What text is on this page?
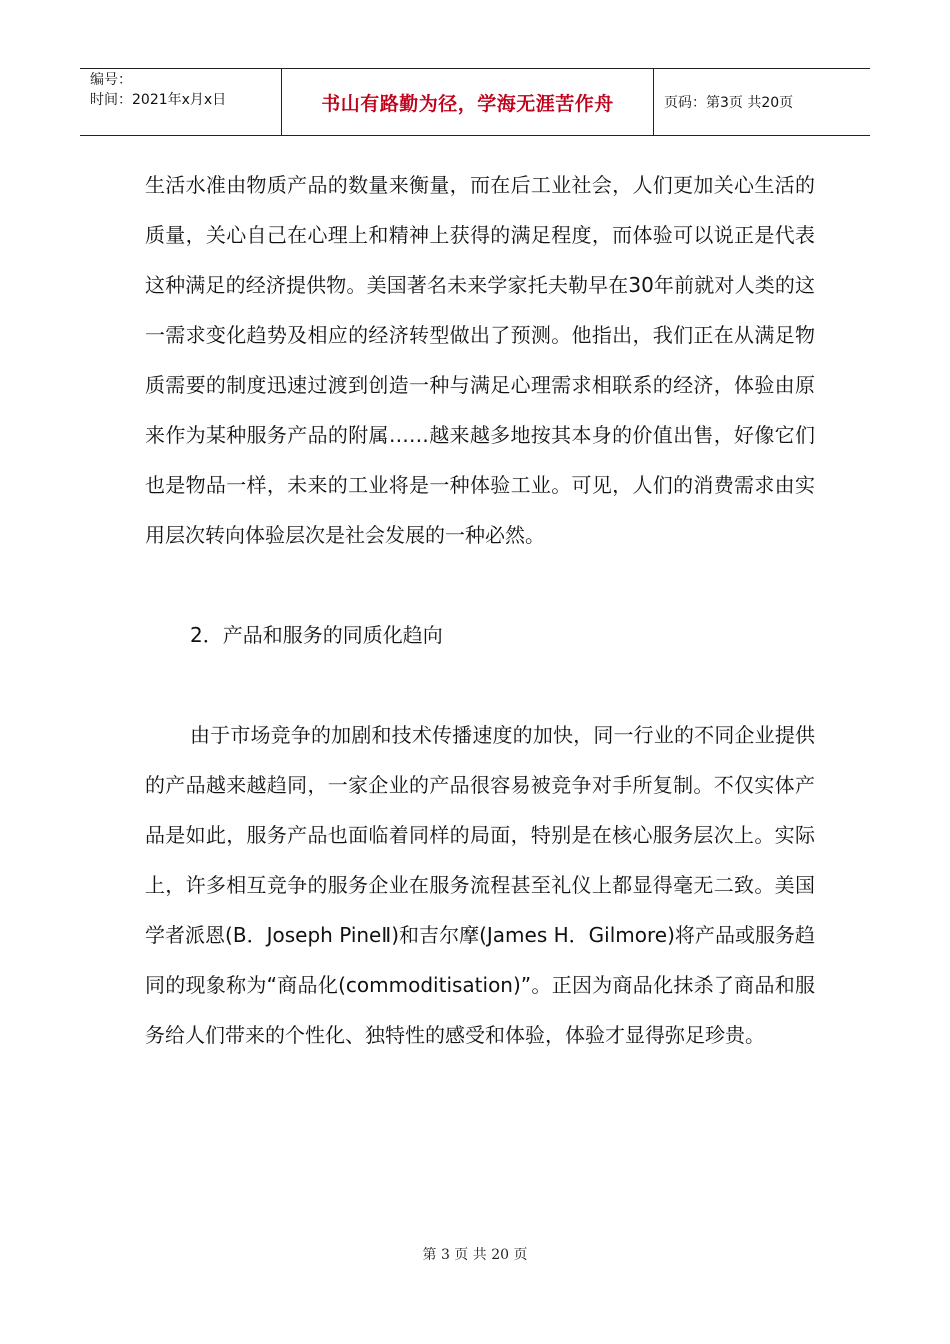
编号：
时间：2021年x月x日	书山有路勤为径，学海无涯苦作舟	页码：第3页 共20页

生活水准由物质产品的数量来衡量，而在后工业社会，人们更加关心生活的质量，关心自己在心理上和精神上获得的满足程度，而体验可以说正是代表这种满足的经济提供物。美国著名未来学家托夫勒早在30年前就对人类的这一需求变化趋势及相应的经济转型做出了预测。他指出，我们正在从满足物质需要的制度迅速过渡到创造一种与满足心理需求相联系的经济，体验由原来作为某种服务产品的附属……越来越多地按其本身的价值出售，好像它们也是物品一样，未来的工业将是一种体验工业。可见，人们的消费需求由实用层次转向体验层次是社会发展的一种必然。

2．产品和服务的同质化趋向

由于市场竞争的加剧和技术传播速度的加快，同一行业的不同企业提供的产品越来越趋同，一家企业的产品很容易被竞争对手所复制。不仅实体产品是如此，服务产品也面临着同样的局面，特别是在核心服务层次上。实际上，许多相互竞争的服务企业在服务流程甚至礼仪上都显得毫无二致。美国学者派恩(B．Joseph PineⅡ)和吉尔摩(James H．Gilmore)将产品或服务趋同的现象称为“商品化(commoditisation)”。正因为商品化抹杀了商品和服务给人们带来的个性化、独特性的感受和体验，体验才显得弥足珍贵。

第 3 页 共 20 页
